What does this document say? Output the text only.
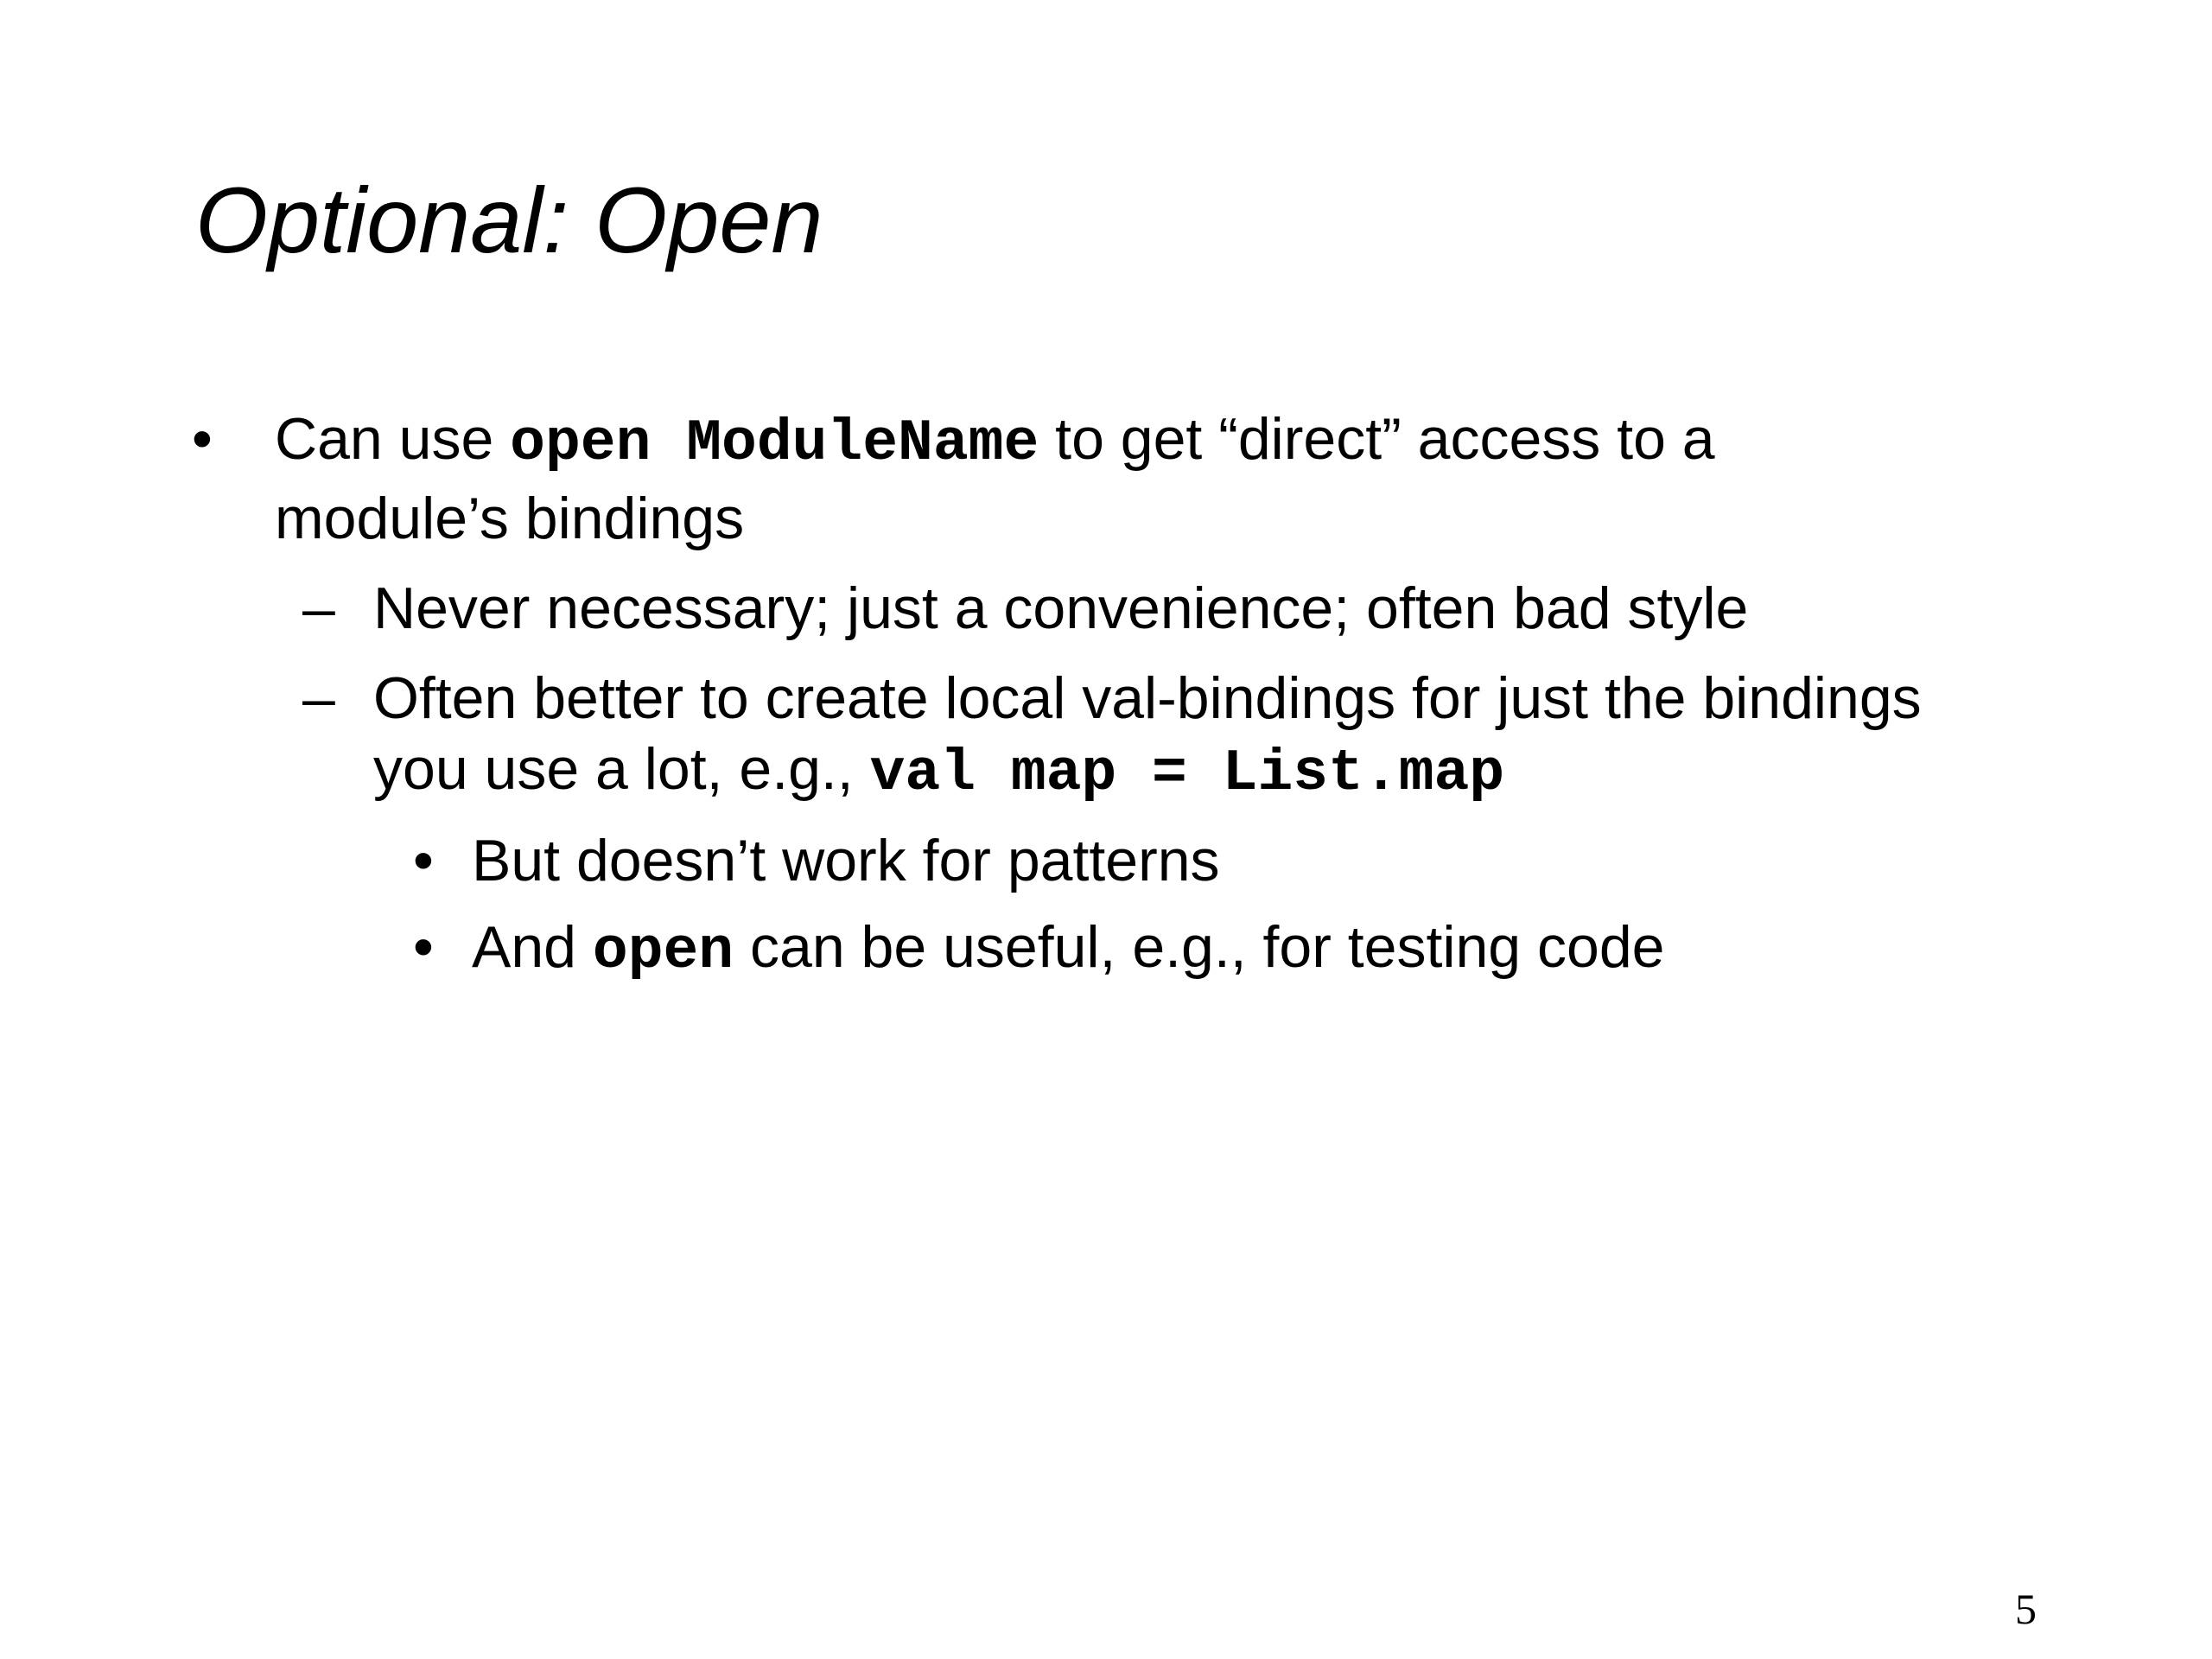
Optional: Open
• Can use open ModuleName to get “direct” access to a
module’s bindings
– Never necessary; just a convenience; often bad style
– Often better to create local val-bindings for just the bindings
you use a lot, e.g., val map = List.map
• But doesn’t work for patterns
• And open can be useful, e.g., for testing code
5
